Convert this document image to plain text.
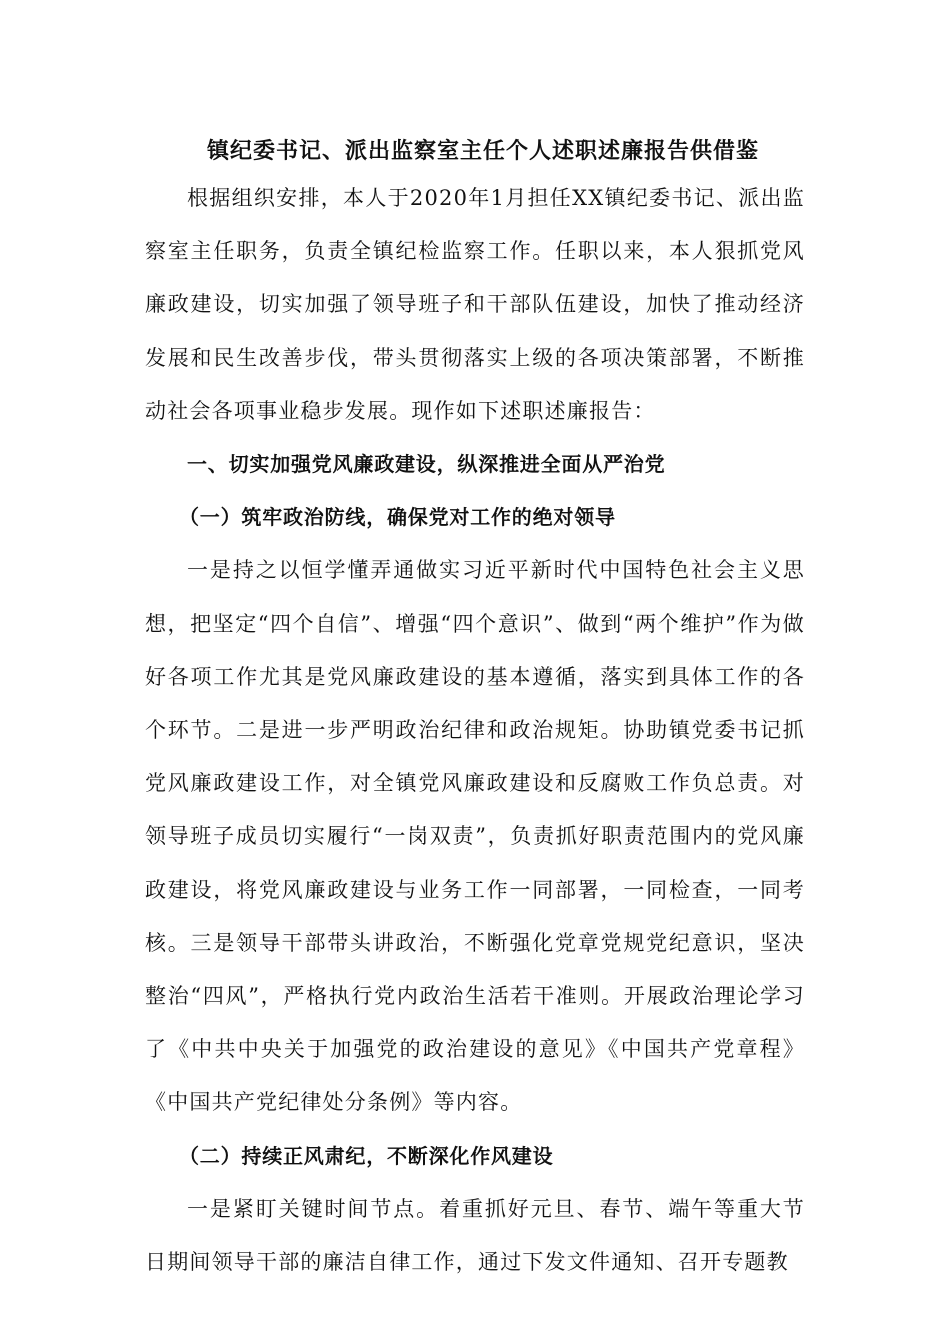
镇纪委书记、派出监察室主任个人述职述廉报告供借鉴

根据组织安排，本人于2020年1月担任XX镇纪委书记、派出监察室主任职务，负责全镇纪检监察工作。任职以来，本人狠抓党风廉政建设，切实加强了领导班子和干部队伍建设，加快了推动经济发展和民生改善步伐，带头贯彻落实上级的各项决策部署，不断推动社会各项事业稳步发展。现作如下述职述廉报告：

一、切实加强党风廉政建设，纵深推进全面从严治党

（一）筑牢政治防线，确保党对工作的绝对领导

一是持之以恒学懂弄通做实习近平新时代中国特色社会主义思想，把坚定“四个自信”、增强“四个意识”、做到“两个维护”作为做好各项工作尤其是党风廉政建设的基本遵循，落实到具体工作的各个环节。二是进一步严明政治纪律和政治规矩。协助镇党委书记抓党风廉政建设工作，对全镇党风廉政建设和反腐败工作负总责。对领导班子成员切实履行“一岗双责”，负责抓好职责范围内的党风廉政建设，将党风廉政建设与业务工作一同部署，一同检查，一同考核。三是领导干部带头讲政治，不断强化党章党规党纪意识，坚决整治“四风”，严格执行党内政治生活若干准则。开展政治理论学习了《中共中央关于加强党的政治建设的意见》《中国共产党章程》《中国共产党纪律处分条例》等内容。

（二）持续正风肃纪，不断深化作风建设

一是紧盯关键时间节点。着重抓好元旦、春节、端午等重大节日期间领导干部的廉洁自律工作，通过下发文件通知、召开专题教
